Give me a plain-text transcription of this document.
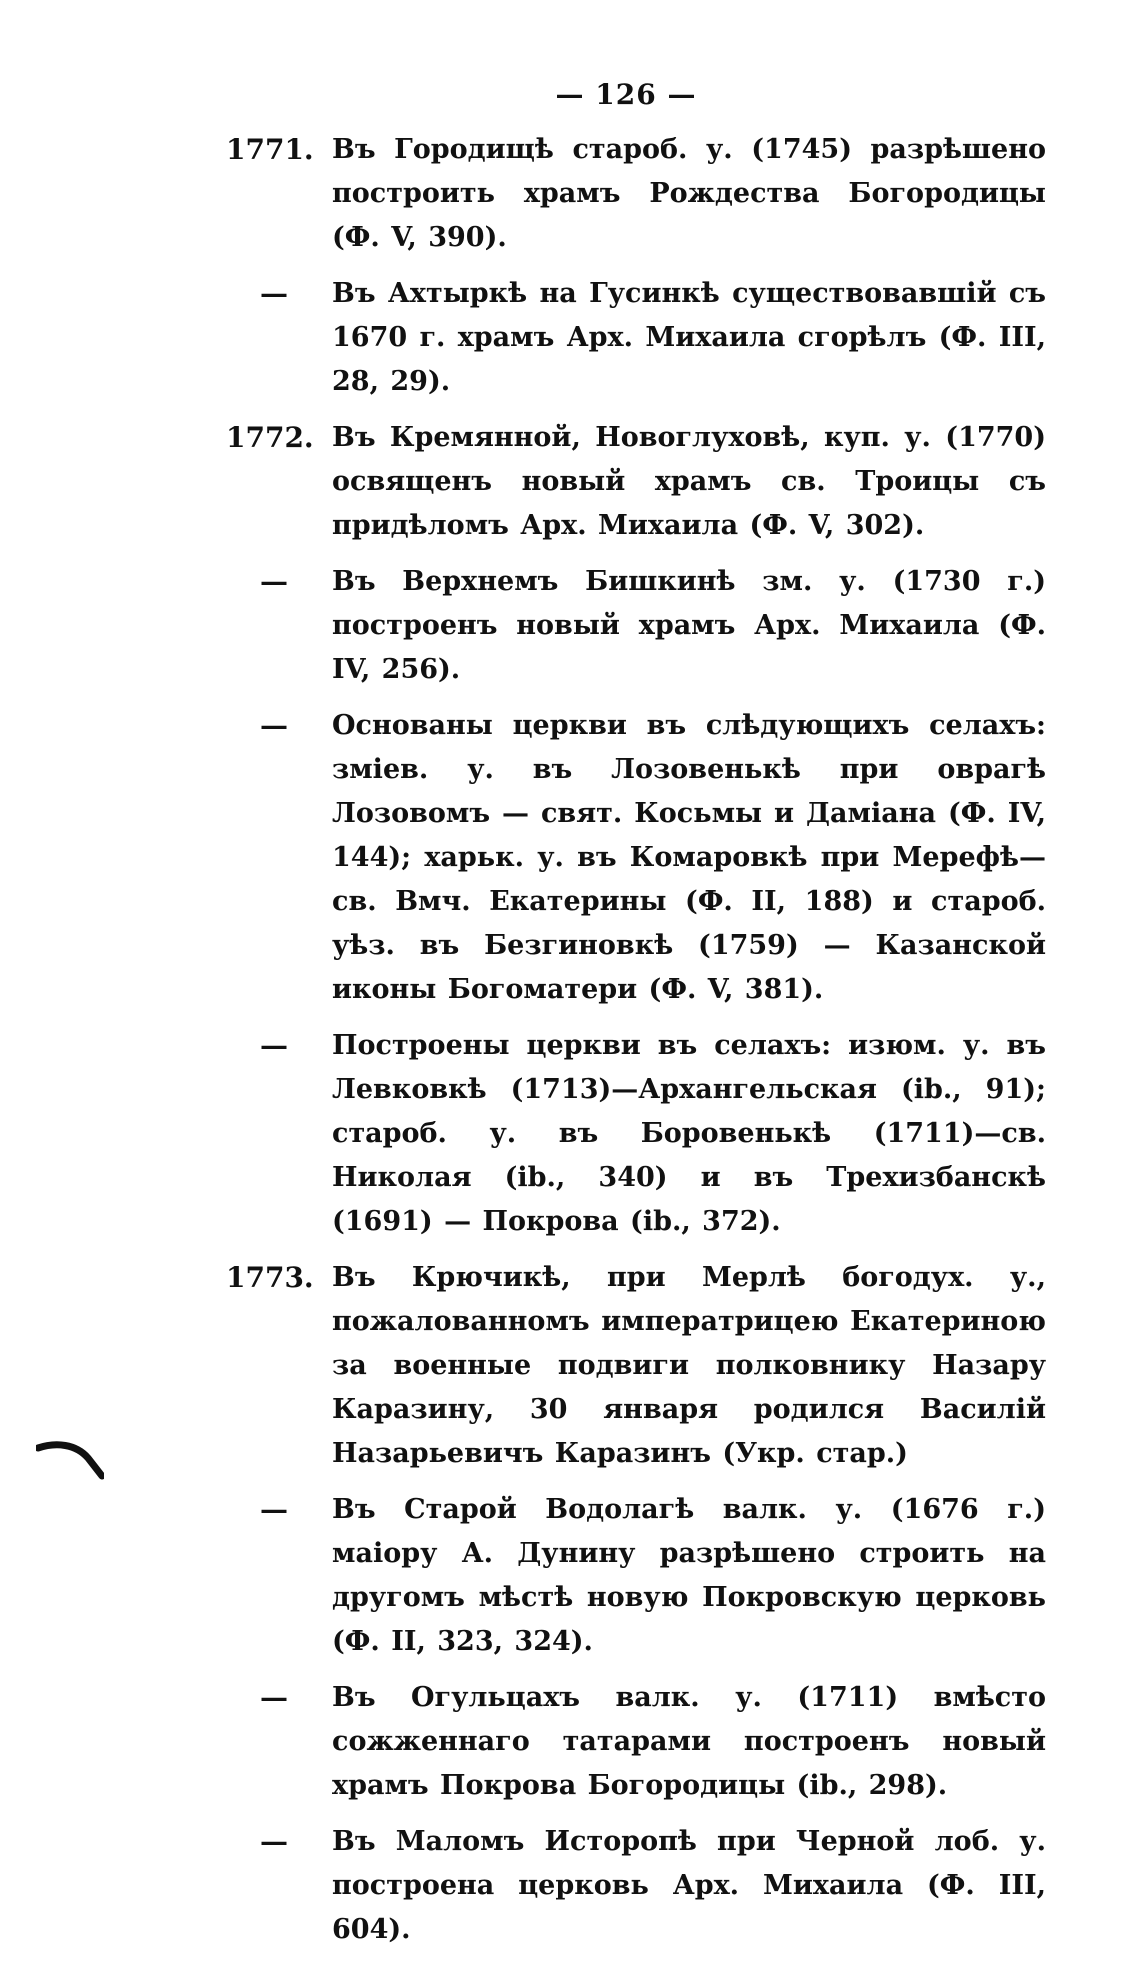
— 126 —
1771. Въ Городищѣ староб. у. (1745) разрѣшено построить храмъ Рождества Богородицы (Ф. V, 390).
— Въ Ахтыркѣ на Гусинкѣ существовавшій съ 1670 г. храмъ Арх. Михаила сгорѣлъ (Ф. III, 28, 29).
1772. Въ Кремянной, Новоглуховѣ, куп. у. (1770) освященъ новый храмъ св. Троицы съ придѣломъ Арх. Михаила (Ф. V, 302).
— Въ Верхнемъ Бишкинѣ зм. у. (1730 г.) построенъ новый храмъ Арх. Михаила (Ф. IV, 256).
— Основаны церкви въ слѣдующихъ селахъ: зміев. у. въ Лозовенькѣ при оврагѣ Лозовомъ — свят. Косьмы и Даміана (Ф. IV, 144); харьк. у. въ Комаровкѣ при Мерефѣ—св. Вмч. Екатерины (Ф. II, 188) и староб. уѣз. въ Безгиновкѣ (1759) — Казанской иконы Богоматери (Ф. V, 381).
— Построены церкви въ селахъ: изюм. у. въ Левковкѣ (1713)—Архангельская (ib., 91); староб. у. въ Боровенькѣ (1711)—св. Николая (ib., 340) и въ Трехизбанскѣ (1691) — Покрова (ib., 372).
1773. Въ Крючикѣ, при Мерлѣ богодух. у., пожалованномъ императрицею Екатериною за военные подвиги полковнику Назару Каразину, 30 января родился Василій Назарьевичъ Каразинъ (Укр. стар.)
— Въ Старой Водолагѣ валк. у. (1676 г.) маіору А. Дунину разрѣшено строить на другомъ мѣстѣ новую Покровскую церковь (Ф. II, 323, 324).
— Въ Огульцахъ валк. у. (1711) вмѣсто сожженнаго татарами построенъ новый храмъ Покрова Богородицы (ib., 298).
— Въ Маломъ Исторопѣ при Черной лоб. у. построена церковь Арх. Михаила (Ф. III, 604).
